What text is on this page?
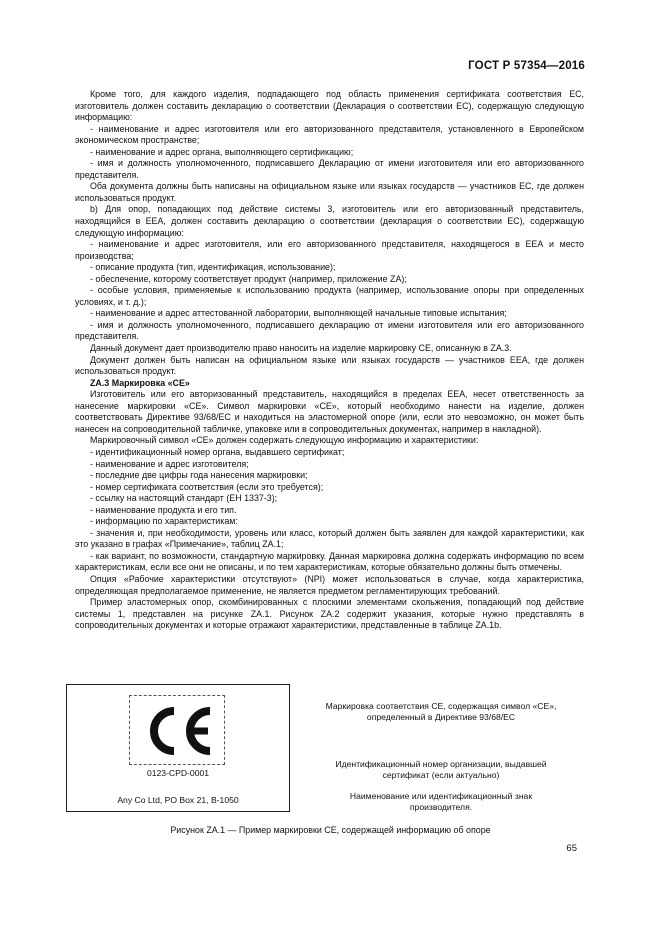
ГОСТ Р 57354—2016

Кроме того, для каждого изделия, подпадающего под область применения сертификата соответствия ЕС, изготовитель должен составить декларацию о соответствии (Декларация о соответствии ЕС), содержащую следующую информацию:

- наименование и адрес изготовителя или его авторизованного представителя, установленного в Европейском экономическом пространстве;

- наименование и адрес органа, выполняющего сертификацию;

- имя и должность уполномоченного, подписавшего Декларацию от имени изготовителя или его авторизованного представителя.

Оба документа должны быть написаны на официальном языке или языках государств — участников ЕС, где должен использоваться продукт.

b) Для опор, попадающих под действие системы 3, изготовитель или его авторизованный представитель, находящийся в ЕЕА, должен составить декларацию о соответствии (декларация о соответствии ЕС), содержащую следующую информацию:

- наименование и адрес изготовителя, или его авторизованного представителя, находящегося в ЕЕА и место производства;

- описание продукта (тип, идентификация, использование);

- обеспечение, которому соответствует продукт (например, приложение ZA);

- особые условия, применяемые к использованию продукта (например, использование опоры при определенных условиях, и т. д.);

- наименование и адрес аттестованной лаборатории, выполняющей начальные типовые испытания;

- имя и должность уполномоченного, подписавшего декларацию от имени изготовителя или его авторизованного представителя.

Данный документ дает производителю право наносить на изделие маркировку СЕ, описанную в ZA.3.

Документ должен быть написан на официальном языке или языках государств — участников ЕЕА, где должен использоваться продукт.

ZA.3 Маркировка «СЕ»

Изготовитель или его авторизованный представитель, находящийся в пределах ЕЕА, несет ответственность за нанесение маркировки «СЕ». Символ маркировки «СЕ», который необходимо нанести на изделие, должен соответствовать Директиве 93/68/ЕС и находиться на эластомерной опоре (или, если это невозможно, он может быть нанесен на сопроводительной табличке, упаковке или в сопроводительных документах, например в накладной).

Маркировочный символ «СЕ» должен содержать следующую информацию и характеристики:

- идентификационный номер органа, выдавшего сертификат;

- наименование и адрес изготовителя;

- последние две цифры года нанесения маркировки;

- номер сертификата соответствия (если это требуется);

- ссылку на настоящий стандарт (ЕН 1337-3);

- наименование продукта и его тип.

- информацию по характеристикам:

- значения и, при необходимости, уровень или класс, который должен быть заявлен для каждой характеристики, как это указано в графах «Примечание», таблиц ZA.1;

- как вариант, по возможности, стандартную маркировку. Данная маркировка должна содержать информацию по всем характеристикам, если все они не описаны, и по тем характеристикам, которые обязательно должны быть отмечены.

Опция «Рабочие характеристики отсутствуют» (NPI) может использоваться в случае, когда характеристика, определяющая предполагаемое применение, не является предметом регламентирующих требований.

Пример эластомерных опор, скомбинированных с плоскими элементами скольжения, попадающий под действие системы 1, представлен на рисунке ZA.1. Рисунок ZA.2 содержит указания, которые нужно представлять в сопроводительных документах и которые отражают характеристики, представленные в таблице ZA.1b.

0123-CPD-0001
Any Co Ltd, PO Box 21, B-1050
Маркировка соответствия СЕ, содержащая символ «СЕ», определенный в Директиве 93/68/ЕС
Идентификационный номер организации, выдавшей сертификат (если актуально)
Наименование или идентификационный знак производителя.
Рисунок ZA.1 — Пример маркировки СЕ, содержащей информацию об опоре
65
